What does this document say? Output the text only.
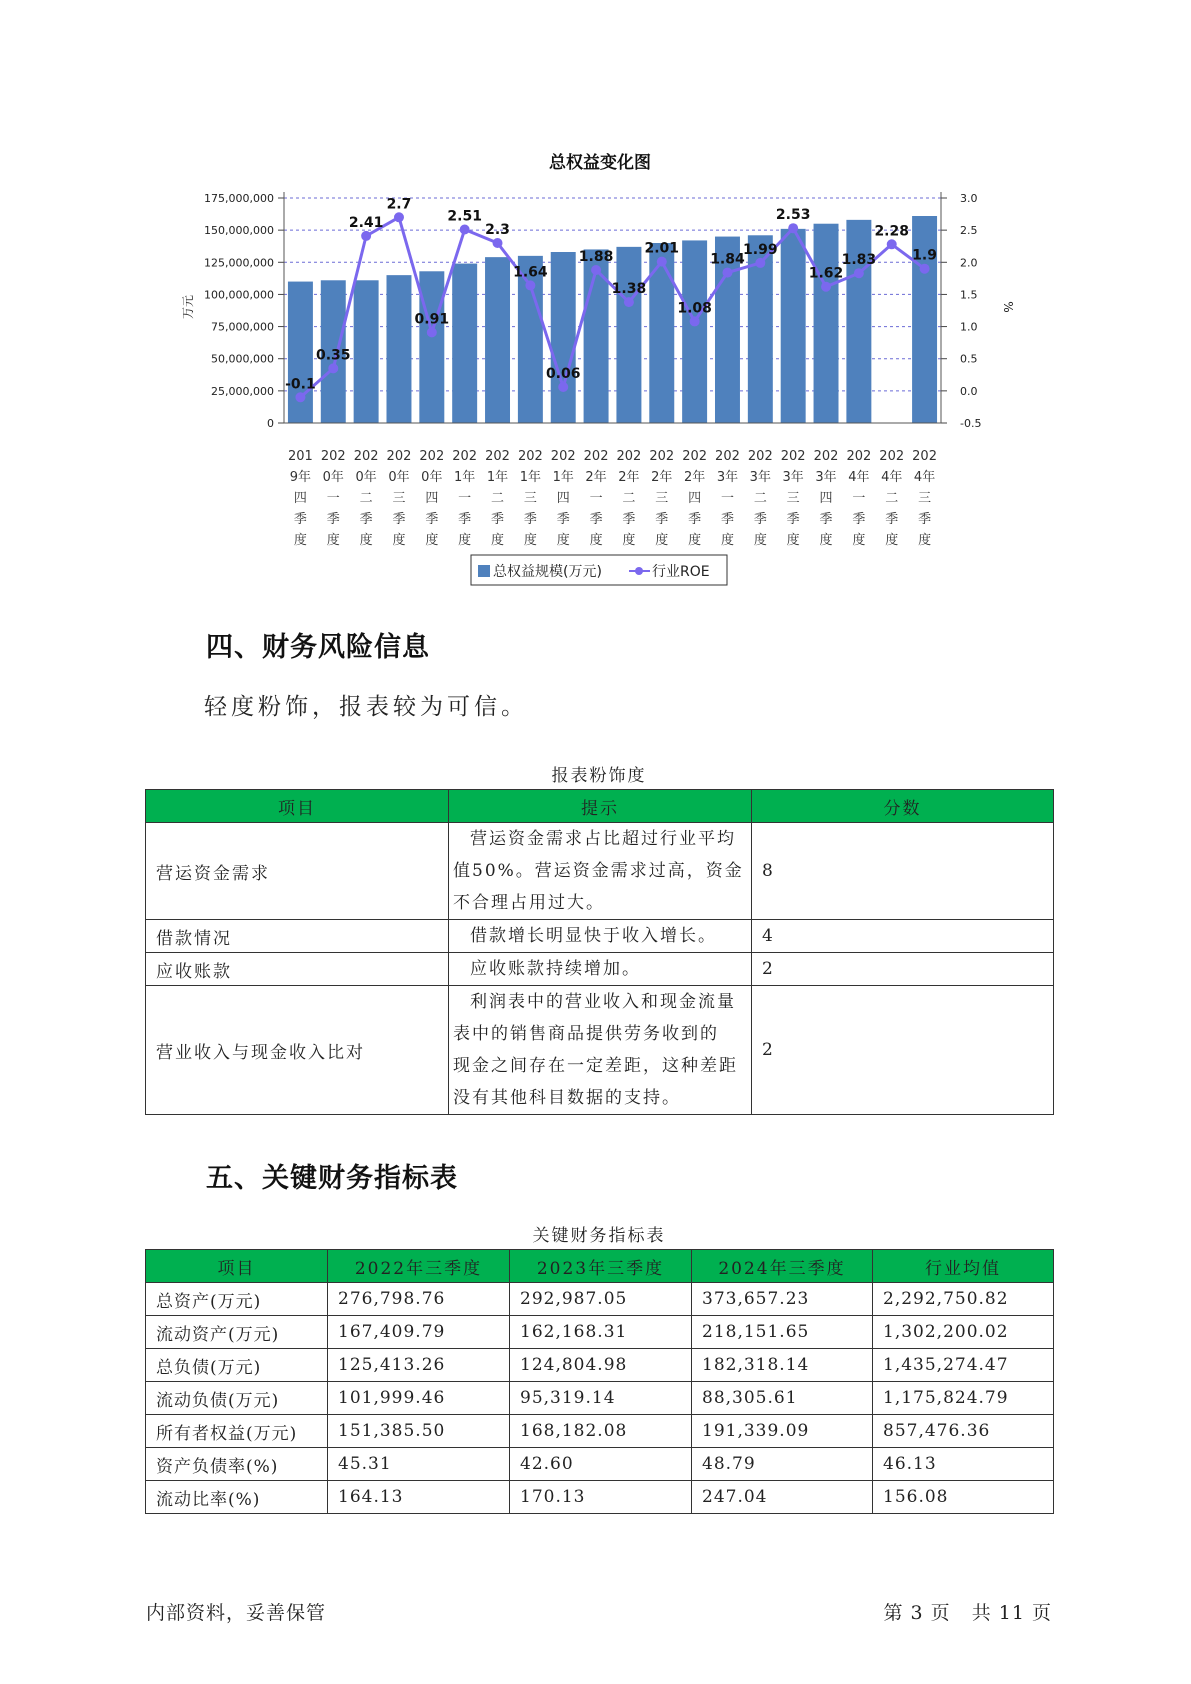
总权益变化图
0
25,000,000
50,000,000
75,000,000
100,000,000
125,000,000
150,000,000
175,000,000
-0.5
0.0
0.5
1.0
1.5
2.0
2.5
3.0
-0.1
0.35
2.41
2.7
0.91
2.51
2.3
1.64
0.06
1.88
1.38
2.01
1.08
1.84
1.99
2.53
1.62
1.83
2.28
1.9
201
9年
四
季
度
202
0年
一
季
度
202
0年
二
季
度
202
0年
三
季
度
202
0年
四
季
度
202
1年
一
季
度
202
1年
二
季
度
202
1年
三
季
度
202
1年
四
季
度
202
2年
一
季
度
202
2年
二
季
度
202
2年
三
季
度
202
2年
四
季
度
202
3年
一
季
度
202
3年
二
季
度
202
3年
三
季
度
202
3年
四
季
度
202
4年
一
季
度
202
4年
二
季
度
202
4年
三
季
度
万元	%
总权益规模(万元)	行业ROE
四、财务风险信息

轻度粉饰，报表较为可信。

报表粉饰度
项目	提示	分数
营运资金需求	营运资金需求占比超过行业平均
值50%。营运资金需求过高，资金
不合理占用过大。	8
借款情况	借款增长明显快于收入增长。	4
应收账款	应收账款持续增加。	2
营业收入与现金收入比对	利润表中的营业收入和现金流量
表中的销售商品提供劳务收到的
现金之间存在一定差距，这种差距
没有其他科目数据的支持。	2
五、关键财务指标表
关键财务指标表
项目	2022年三季度	2023年三季度	2024年三季度	行业均值
总资产(万元)	276,798.76	292,987.05	373,657.23	2,292,750.82
流动资产(万元)	167,409.79	162,168.31	218,151.65	1,302,200.02
总负债(万元)	125,413.26	124,804.98	182,318.14	1,435,274.47
流动负债(万元)	101,999.46	95,319.14	88,305.61	1,175,824.79
所有者权益(万元)	151,385.50	168,182.08	191,339.09	857,476.36
资产负债率(%)	45.31	42.60	48.79	46.13
流动比率(%)	164.13	170.13	247.04	156.08
内部资料，妥善保管	第 3 页   共 11 页
